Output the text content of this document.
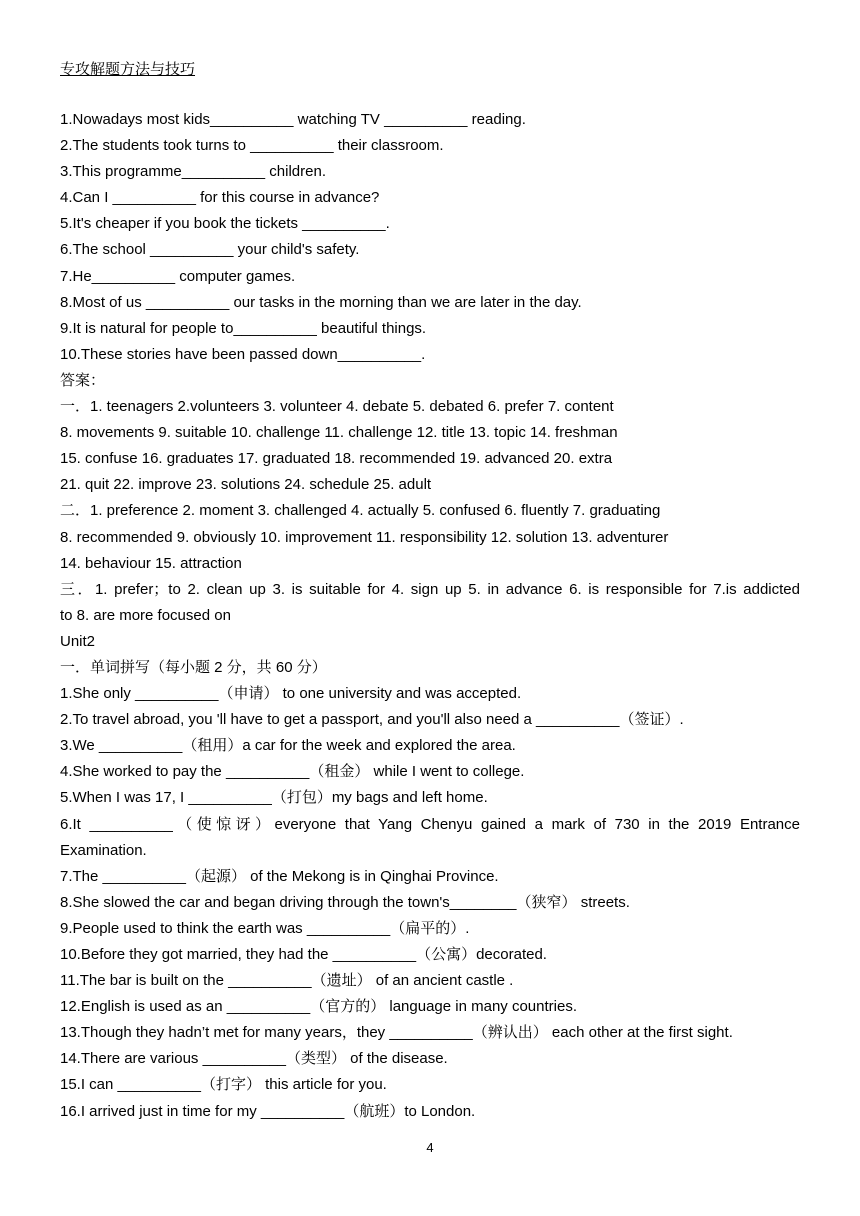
专攻解题方法与技巧
1.Nowadays most kids__________ watching TV __________ reading.
2.The students took turns to __________ their classroom.
3.This programme__________ children.
4.Can I __________ for this course in advance?
5.It's cheaper if you book the tickets __________.
6.The school __________ your child's safety.
7.He__________ computer games.
8.Most of us __________ our tasks in the morning than we are later in the day.
9.It is natural for people to__________ beautiful things.
10.These stories have been passed down__________.
答案：
一．1. teenagers 2.volunteers 3. volunteer 4. debate 5. debated 6. prefer 7. content
8. movements 9. suitable 10. challenge 11. challenge 12. title 13. topic 14. freshman
15. confuse 16. graduates 17. graduated 18. recommended 19. advanced 20. extra
21. quit 22. improve 23. solutions 24. schedule 25. adult
二．1. preference 2. moment 3. challenged 4. actually 5. confused 6. fluently 7. graduating
8. recommended 9. obviously 10. improvement 11. responsibility 12. solution 13. adventurer
14. behaviour 15. attraction
三．1. prefer；to 2. clean up 3. is suitable for 4. sign up 5. in advance 6. is responsible for 7.is addicted
to 8. are more focused on
Unit2
一．单词拼写（每小题 2 分，共 60 分）
1.She only __________（申请） to one university and was accepted.
2.To travel abroad, you 'll have to get a passport, and you'll also need a __________（签证）.
3.We __________（租用）a car for the week and explored the area.
4.She worked to pay the __________（租金） while I went to college.
5.When I was 17, I __________（打包）my bags and left home.
6.It __________（使惊讶）everyone that Yang Chenyu gained a mark of 730 in the 2019 Entrance
Examination.
7.The __________（起源） of the Mekong is in Qinghai Province.
8.She slowed the car and began driving through the town's________（狭窄） streets.
9.People used to think the earth was __________（扁平的）.
10.Before they got married, they had the __________（公寓）decorated.
11.The bar is built on the __________（遗址） of an ancient castle .
12.English is used as an __________（官方的） language in many countries.
13.Though they hadn’t met for many years，they __________（辨认出） each other at the first sight.
14.There are various __________（类型） of the disease.
15.I can __________（打字） this article for you.
16.I arrived just in time for my __________（航班）to London.
4
